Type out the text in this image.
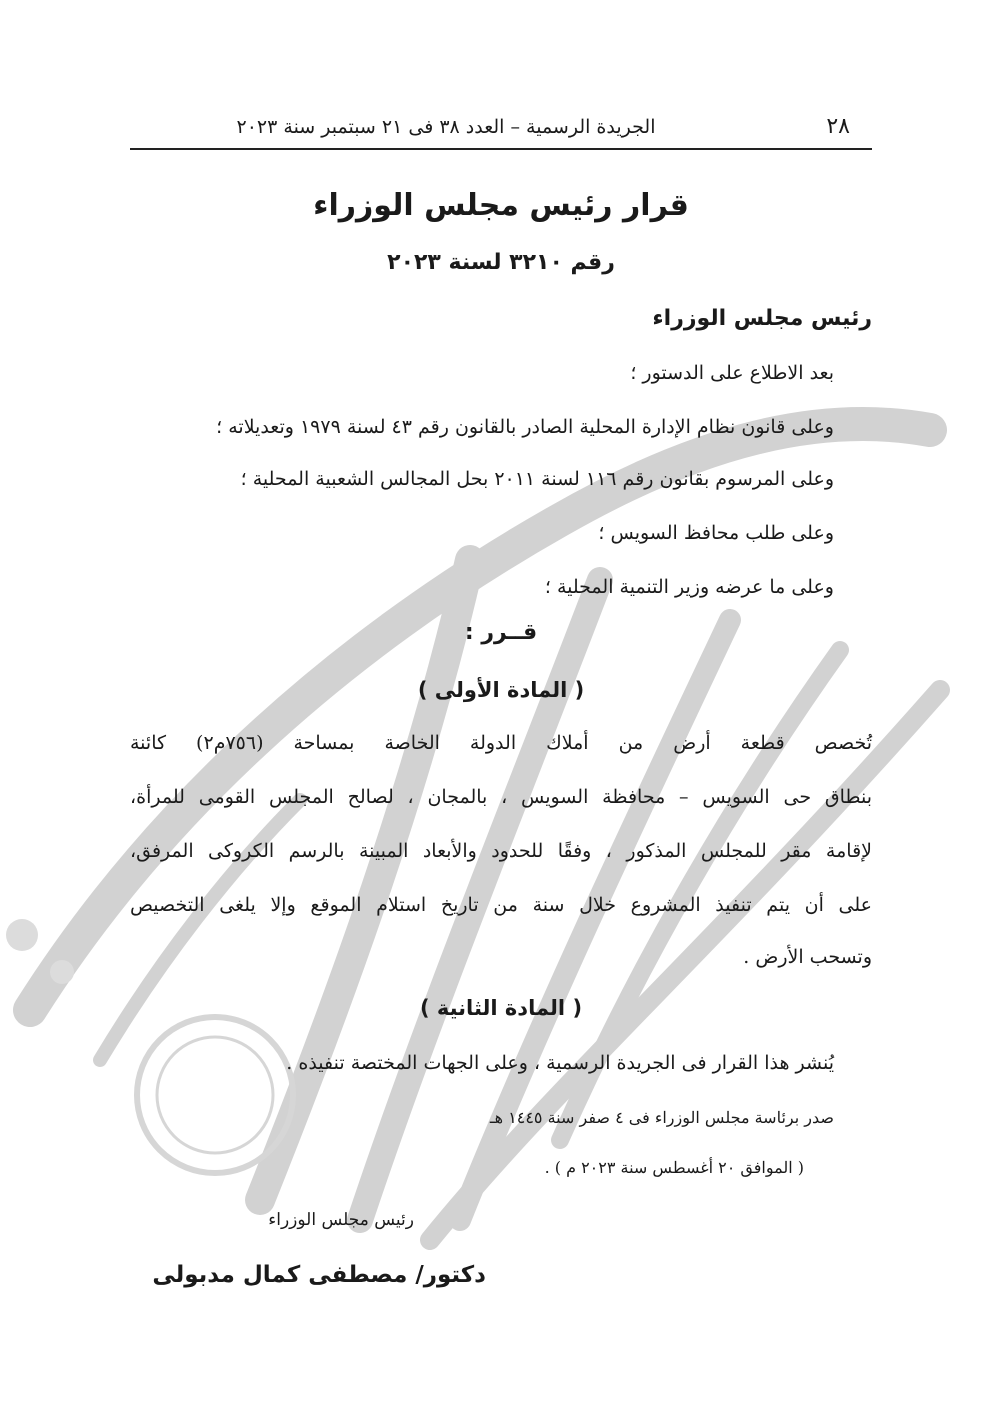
٢٨
الجريدة الرسمية – العدد ٣٨ فى ٢١ سبتمبر سنة ٢٠٢٣
قرار رئيس مجلس الوزراء
رقم ٣٢١٠ لسنة ٢٠٢٣
رئيس مجلس الوزراء
بعد الاطلاع على الدستور ؛
وعلى قانون نظام الإدارة المحلية الصادر بالقانون رقم ٤٣ لسنة ١٩٧٩ وتعديلاته ؛
وعلى المرسوم بقانون رقم ١١٦ لسنة ٢٠١١ بحل المجالس الشعبية المحلية ؛
وعلى طلب محافظ السويس ؛
وعلى ما عرضه وزير التنمية المحلية ؛
قــرر :
( المادة الأولى )
تُخصص قطعة أرض من أملاك الدولة الخاصة بمساحة (٧٥٦م٢) كائنة
بنطاق حى السويس – محافظة السويس ، بالمجان ، لصالح المجلس القومى للمرأة،
لإقامة مقر للمجلس المذكور ، وفقًا للحدود والأبعاد المبينة بالرسم الكروكى المرفق،
على أن يتم تنفيذ المشروع خلال سنة من تاريخ استلام الموقع وإلا يلغى التخصيص
وتسحب الأرض .
( المادة الثانية )
يُنشر هذا القرار فى الجريدة الرسمية ، وعلى الجهات المختصة تنفيذه .
صدر برئاسة مجلس الوزراء فى ٤ صفر سنة ١٤٤٥ هـ
( الموافق ٢٠ أغسطس سنة ٢٠٢٣ م ) .
رئيس مجلس الوزراء
دكتور/ مصطفى كمال مدبولى
